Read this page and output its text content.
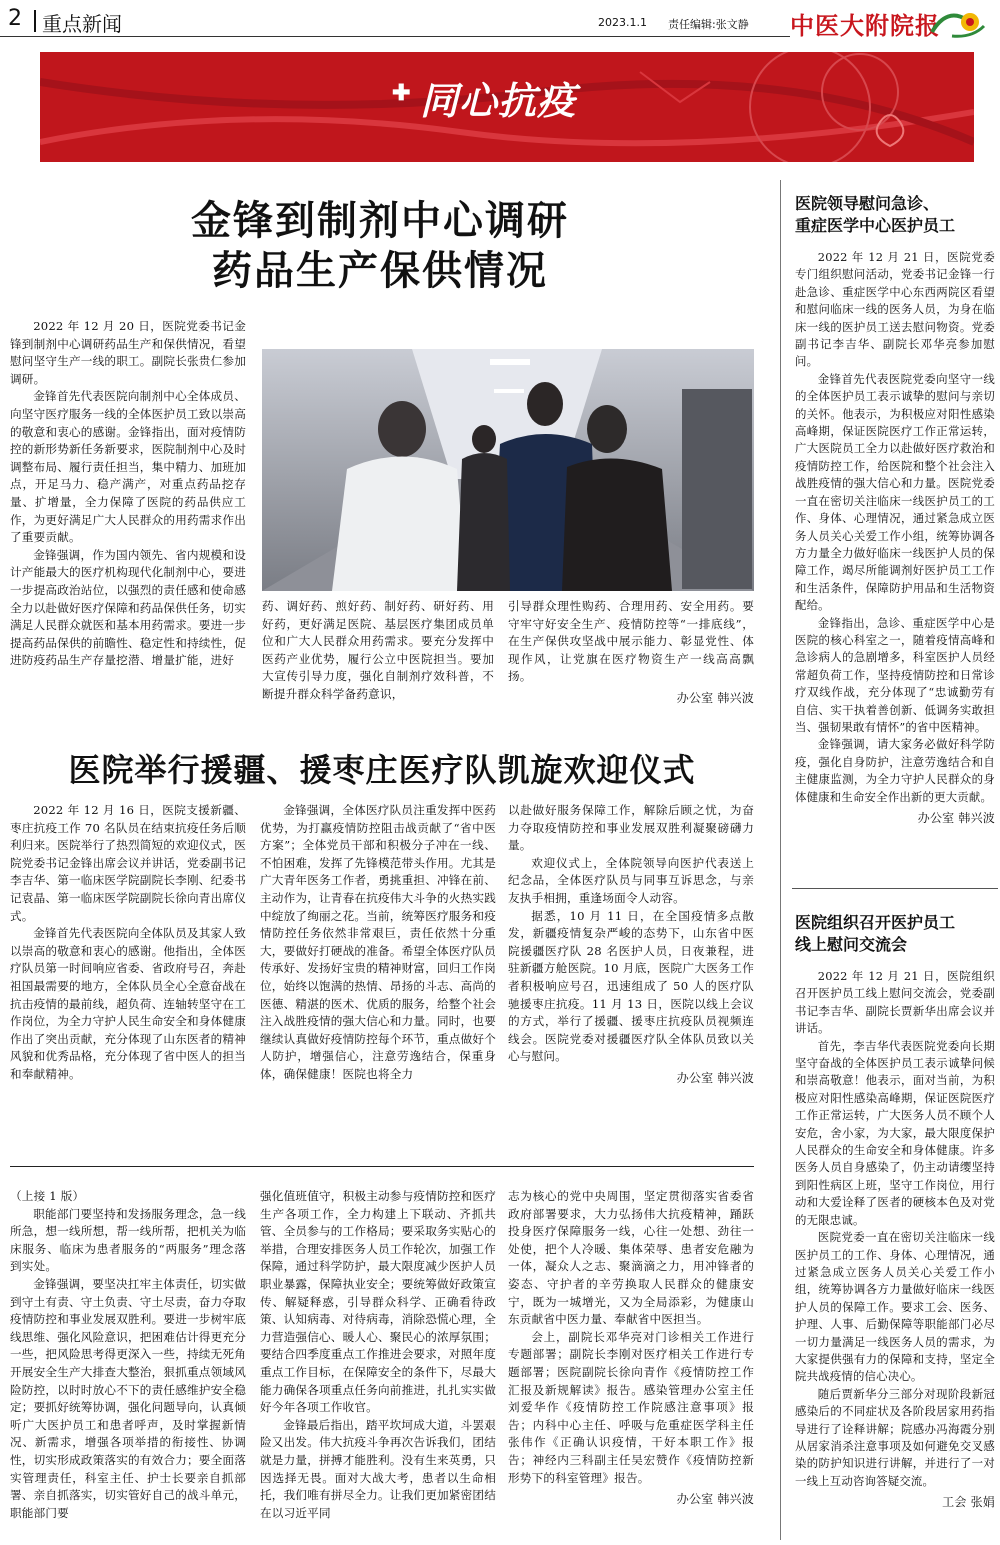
2 重点新闻	2023.1.1 责任编辑:张文静 中医大附院报
✚ 同心抗疫
金锋到制剂中心调研
药品生产保供情况

2022 年 12 月 20 日，医院党委书记金锋到制剂中心调研药品生产和保供情况，看望慰问坚守生产一线的职工。副院长张贵仁参加调研。

金锋首先代表医院向制剂中心全体成员、向坚守医疗服务一线的全体医护员工致以崇高的敬意和衷心的感谢。金锋指出，面对疫情防控的新形势新任务新要求，医院制剂中心及时调整布局、履行责任担当，集中精力、加班加点，开足马力、稳产满产，对重点药品挖存量、扩增量，全力保障了医院的药品供应工作，为更好满足广大人民群众的用药需求作出了重要贡献。

金锋强调，作为国内领先、省内规模和设计产能最大的医疗机构现代化制剂中心，要进一步提高政治站位，以强烈的责任感和使命感全力以赴做好医疗保障和药品保供任务，切实满足人民群众就医和基本用药需求。要进一步提高药品保供的前瞻性、稳定性和持续性，促进防疫药品生产存量挖潜、增量扩能，进好

药、调好药、煎好药、制好药、研好药、用好药，更好满足医院、基层医疗集团成员单位和广大人民群众用药需求。要充分发挥中医药产业优势，履行公立中医院担当。要加大宣传引导力度，强化自制剂疗效科普，不断提升群众科学备药意识，
引导群众理性购药、合理用药、安全用药。要守牢守好安全生产、疫情防控等“一排底线”，在生产保供攻坚战中展示能力、彰显党性、体现作风，让党旗在医疗物资生产一线高高飘扬。
办公室 韩兴波
医院举行援疆、援枣庄医疗队凯旋欢迎仪式

2022 年 12 月 16 日，医院支援新疆、枣庄抗疫工作 70 名队员在结束抗疫任务后顺利归来。医院举行了热烈简短的欢迎仪式，医院党委书记金锋出席会议并讲话，党委副书记李吉华、第一临床医学院副院长李刚、纪委书记袁晶、第一临床医学院副院长徐向青出席仪式。

金锋首先代表医院向全体队员及其家人致以崇高的敬意和衷心的感谢。他指出，全体医疗队员第一时间响应省委、省政府号召，奔赴祖国最需要的地方，全体队员全心全意奋战在抗击疫情的最前线，超负荷、连轴转坚守在工作岗位，为全力守护人民生命安全和身体健康作出了突出贡献，充分体现了山东医者的精神风貌和优秀品格，充分体现了省中医人的担当和奉献精神。

金锋强调，全体医疗队员注重发挥中医药优势，为打赢疫情防控阻击战贡献了“省中医方案”；全体党员干部和积极分子冲在一线、不怕困难，发挥了先锋模范带头作用。尤其是广大青年医务工作者，勇挑重担、冲锋在前、主动作为，让青春在抗疫伟大斗争的火热实践中绽放了绚丽之花。当前，统筹医疗服务和疫情防控任务依然非常艰巨，责任依然十分重大，要做好打硬战的准备。希望全体医疗队员传承好、发扬好宝贵的精神财富，回归工作岗位，始终以饱满的热情、昂扬的斗志、高尚的医德、精湛的医术、优质的服务，给整个社会注入战胜疫情的强大信心和力量。同时，也要继续认真做好疫情防控每个环节，重点做好个人防护，增强信心，注意劳逸结合，保重身体，确保健康！医院也将全力

以赴做好服务保障工作，解除后顾之忧，为奋力夺取疫情防控和事业发展双胜利凝聚磅礴力量。

欢迎仪式上，全体院领导向医护代表送上纪念品，全体医疗队员与同事互诉思念，与亲友执手相拥，重逢场面令人动容。

据悉，10 月 11 日，在全国疫情多点散发，新疆疫情复杂严峻的态势下，山东省中医院援疆医疗队 28 名医护人员，日夜兼程，进驻新疆方舱医院。10 月底，医院广大医务工作者积极响应号召，迅速组成了 50 人的医疗队驰援枣庄抗疫。11 月 13 日，医院以线上会议的方式，举行了援疆、援枣庄抗疫队员视频连线会。医院党委对援疆医疗队全体队员致以关心与慰问。

办公室 韩兴波
（上接 1 版）

职能部门要坚持和发扬服务理念，急一线所急，想一线所想，帮一线所帮，把机关为临床服务、临床为患者服务的“两服务”理念落到实处。

金锋强调，要坚决扛牢主体责任，切实做到守土有责、守土负责、守土尽责，奋力夺取疫情防控和事业发展双胜利。要进一步树牢底线思维、强化风险意识，把困难估计得更充分一些，把风险思考得更深入一些，持续无死角开展安全生产大排查大整治，狠抓重点领域风险防控，以时时放心不下的责任感维护安全稳定；要抓好统筹协调，强化问题导向，认真倾听广大医护员工和患者呼声，及时掌握新情况、新需求，增强各项举措的衔接性、协调性，切实形成政策落实的有效合力；要全面落实管理责任，科室主任、护士长要亲自抓部署、亲自抓落实，切实管好自己的战斗单元，职能部门要

强化值班值守，积极主动参与疫情防控和医疗生产各项工作，全力构建上下联动、齐抓共管、全员参与的工作格局；要采取务实贴心的举措，合理安排医务人员工作轮次，加强工作保障，通过科学防护，最大限度减少医护人员职业暴露，保障执业安全；要统筹做好政策宣传、解疑释惑，引导群众科学、正确看待政策、认知病毒、对待病毒，消除恐慌心理，全力营造强信心、暖人心、聚民心的浓厚氛围；要结合四季度重点工作推进会要求，对照年度重点工作目标，在保障安全的条件下，尽最大能力确保各项重点任务向前推进，扎扎实实做好今年各项工作收官。

金锋最后指出，踏平坎坷成大道，斗罢艰险又出发。伟大抗疫斗争再次告诉我们，团结就是力量，拼搏才能胜利。没有生来英勇，只因选择无畏。面对大战大考，患者以生命相托，我们唯有拼尽全力。让我们更加紧密团结在以习近平同

志为核心的党中央周围，坚定贯彻落实省委省政府部署要求，大力弘扬伟大抗疫精神，踊跃投身医疗保障服务一线，心往一处想、劲往一处使，把个人冷暖、集体荣辱、患者安危融为一体，凝众人之志、聚滴滴之力，用冲锋者的姿态、守护者的辛劳换取人民群众的健康安宁，既为一城增光，又为全局添彩，为健康山东贡献省中医力量、奉献省中医担当。

会上，副院长邓华亮对门诊相关工作进行专题部署；副院长李刚对医疗相关工作进行专题部署；医院副院长徐向青作《疫情防控工作汇报及新规解读》报告。感染管理办公室主任刘爱华作《疫情防控工作院感注意事项》报告；内科中心主任、呼吸与危重症医学科主任张伟作《正确认识疫情，干好本职工作》报告；神经内三科副主任吴宏赞作《疫情防控新形势下的科室管理》报告。

办公室 韩兴波
医院领导慰问急诊、
重症医学中心医护员工

2022 年 12 月 21 日，医院党委专门组织慰问活动，党委书记金锋一行赴急诊、重症医学中心东西两院区看望和慰问临床一线的医务人员，为身在临床一线的医护员工送去慰问物资。党委副书记李吉华、副院长邓华亮参加慰问。

金锋首先代表医院党委向坚守一线的全体医护员工表示诚挚的慰问与亲切的关怀。他表示，为积极应对阳性感染高峰期，保证医院医疗工作正常运转，广大医院员工全力以赴做好医疗救治和疫情防控工作，给医院和整个社会注入战胜疫情的强大信心和力量。医院党委一直在密切关注临床一线医护员工的工作、身体、心理情况，通过紧急成立医务人员关心关爱工作小组，统筹协调各方力量全力做好临床一线医护人员的保障工作，竭尽所能调剂好医护员工工作和生活条件，保障防护用品和生活物资配给。

金锋指出，急诊、重症医学中心是医院的核心科室之一，随着疫情高峰和急诊病人的急剧增多，科室医护人员经常超负荷工作，坚持疫情防控和日常诊疗双线作战，充分体现了“忠诚勤劳有自信、实干执着善创新、低调务实敢担当、强韧果敢有情怀”的省中医精神。

金锋强调，请大家务必做好科学防疫，强化自身防护，注意劳逸结合和自主健康监测，为全力守护人民群众的身体健康和生命安全作出新的更大贡献。

办公室 韩兴波
医院组织召开医护员工
线上慰问交流会

2022 年 12 月 21 日，医院组织召开医护员工线上慰问交流会，党委副书记李吉华、副院长贾新华出席会议并讲话。

首先，李吉华代表医院党委向长期坚守奋战的全体医护员工表示诚挚问候和崇高敬意！他表示，面对当前，为积极应对阳性感染高峰期，保证医院医疗工作正常运转，广大医务人员不顾个人安危，舍小家，为大家，最大限度保护人民群众的生命安全和身体健康。许多医务人员自身感染了，仍主动请缨坚持到阳性病区上班，坚守工作岗位，用行动和大爱诠释了医者的硬核本色及对党的无限忠诚。

医院党委一直在密切关注临床一线医护员工的工作、身体、心理情况，通过紧急成立医务人员关心关爱工作小组，统筹协调各方力量做好临床一线医护人员的保障工作。要求工会、医务、护理、人事、后勤保障等职能部门必尽一切力量满足一线医务人员的需求，为大家提供强有力的保障和支持，坚定全院共战疫情的信心决心。

随后贾新华分三部分对现阶段新冠感染后的不同症状及各阶段居家用药指导进行了诠释讲解；院感办冯海霞分别从居家消杀注意事项及如何避免交叉感染的防护知识进行讲解，并进行了一对一线上互动咨询答疑交流。

工会 张娟
